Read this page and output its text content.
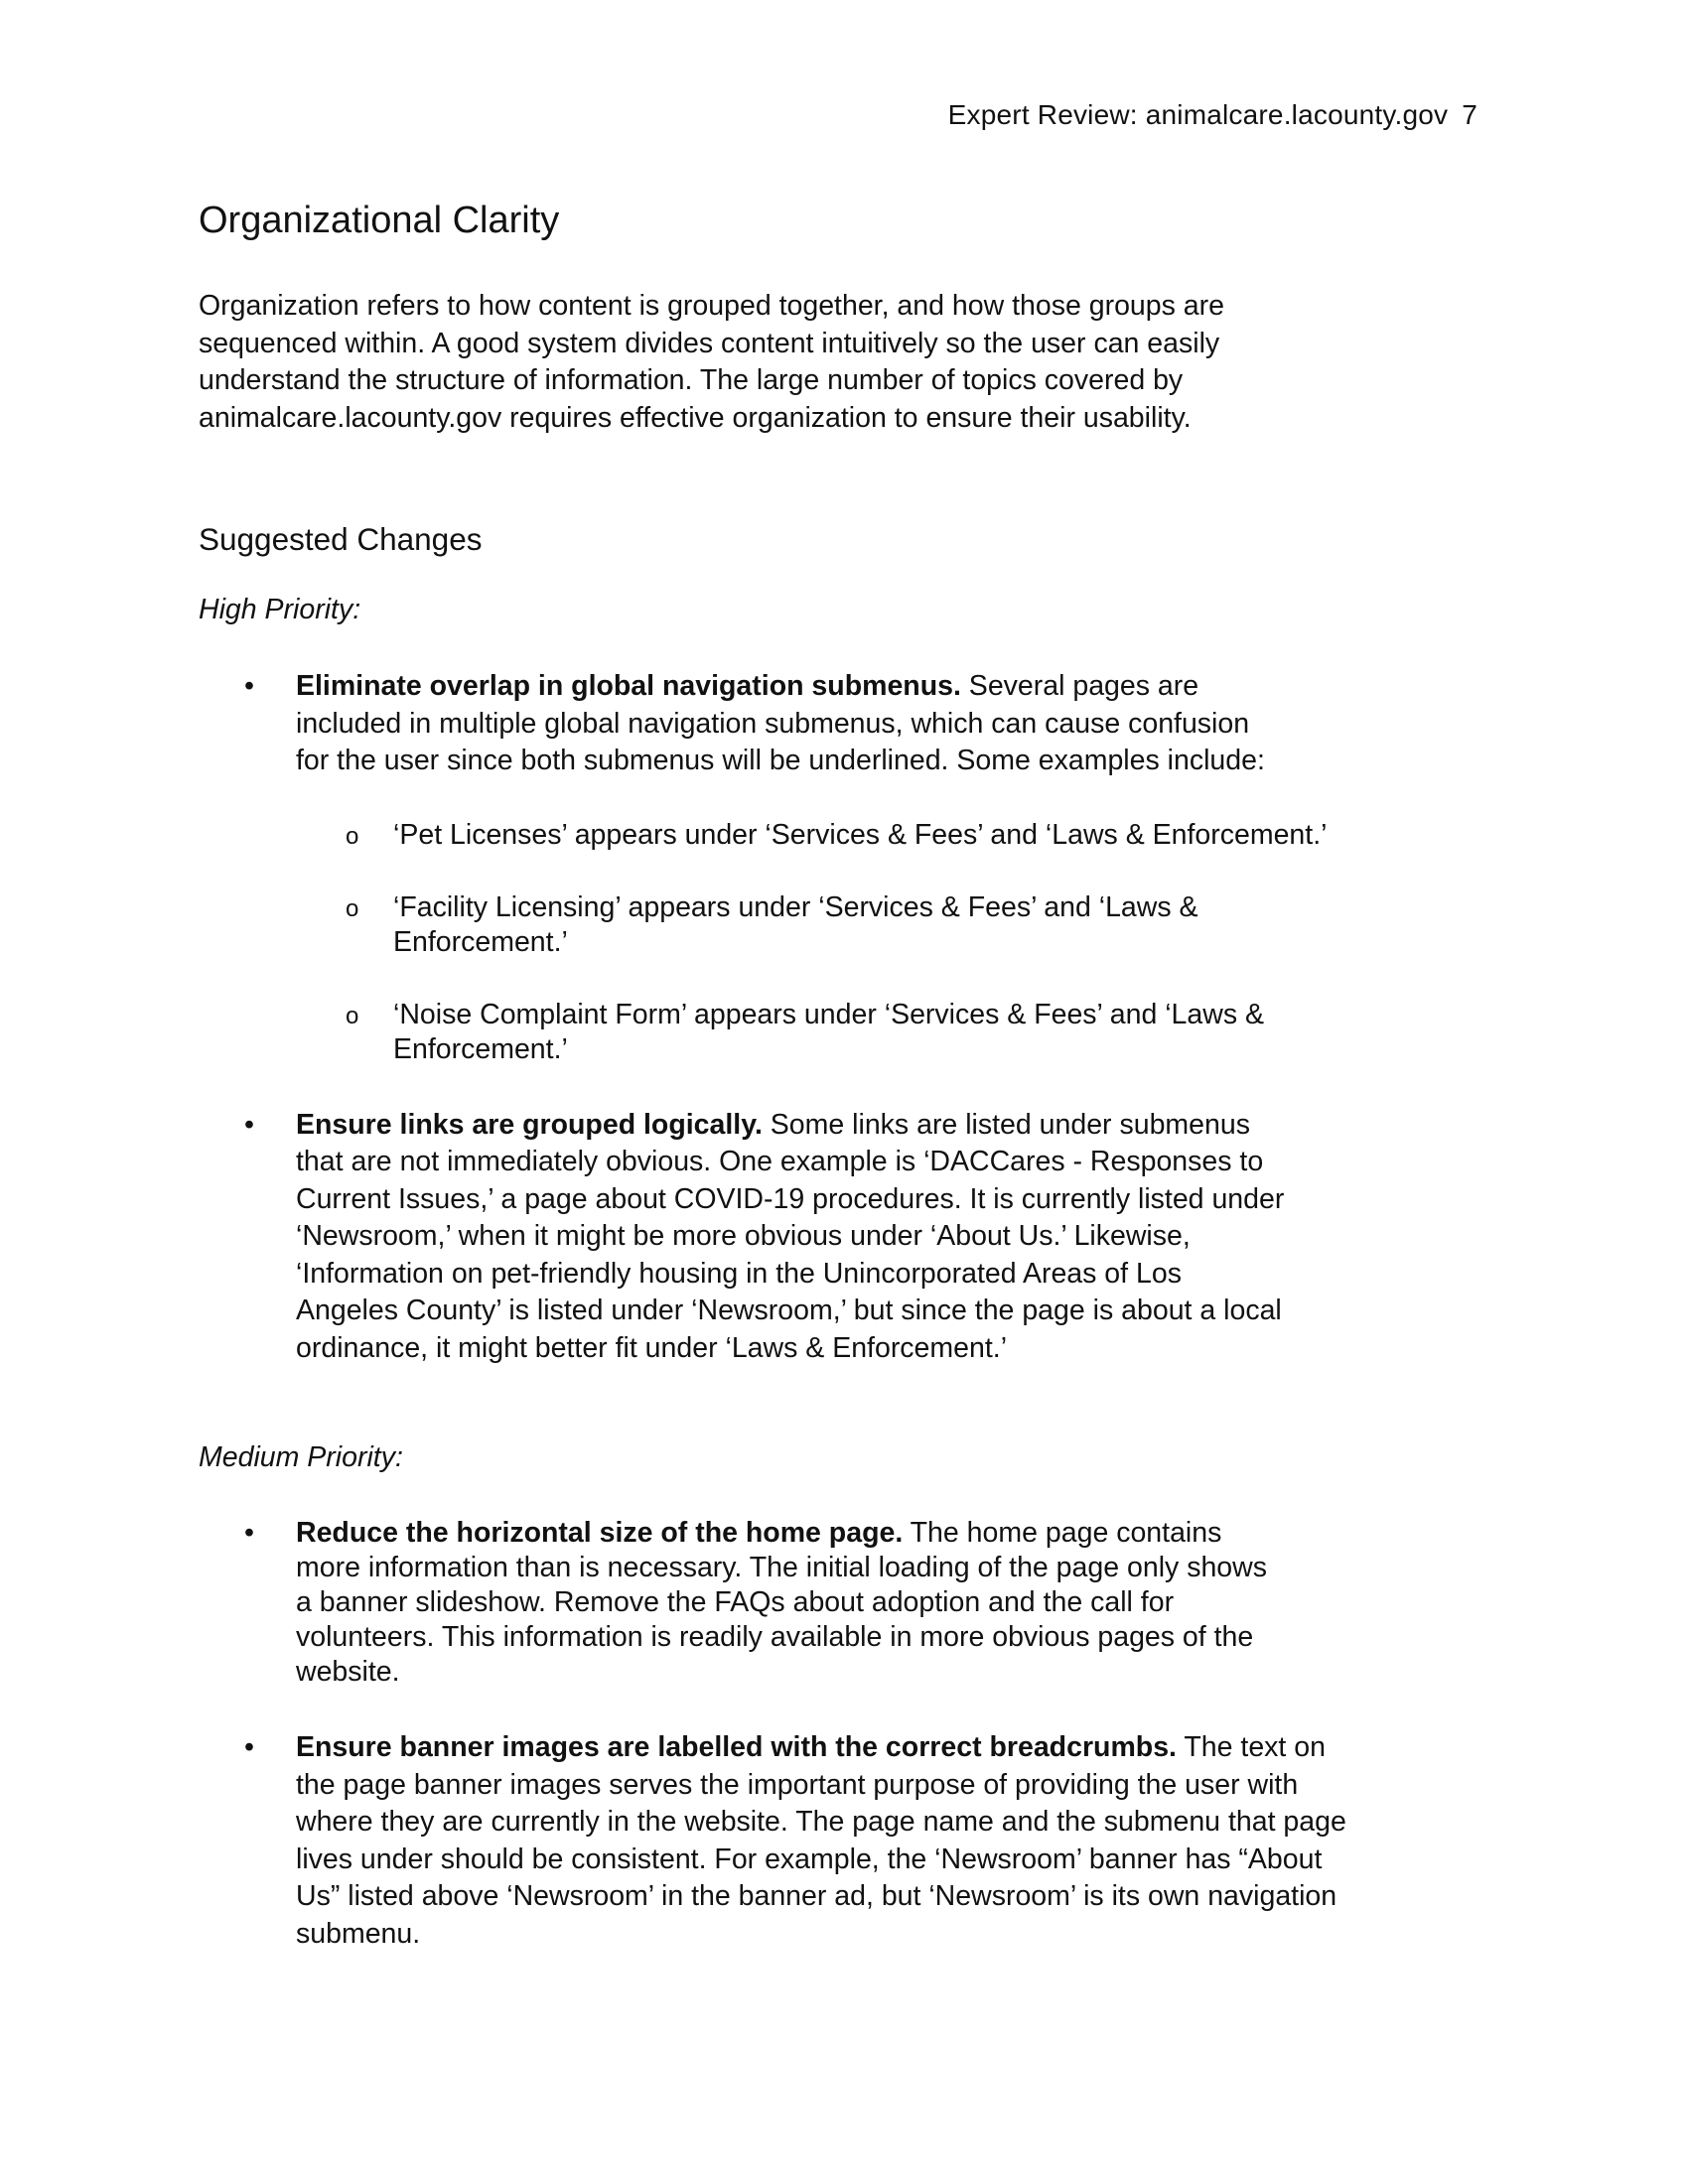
Expert Review: animalcare.lacounty.gov 7
Organizational Clarity

Organization refers to how content is grouped together, and how those groups are sequenced within. A good system divides content intuitively so the user can easily understand the structure of information. The large number of topics covered by animalcare.lacounty.gov requires effective organization to ensure their usability.

Suggested Changes

High Priority:

• Eliminate overlap in global navigation submenus. Several pages are included in multiple global navigation submenus, which can cause confusion for the user since both submenus will be underlined. Some examples include:
o ‘Pet Licenses’ appears under ‘Services & Fees’ and ‘Laws & Enforcement.’
o ‘Facility Licensing’ appears under ‘Services & Fees’ and ‘Laws & Enforcement.’
o ‘Noise Complaint Form’ appears under ‘Services & Fees’ and ‘Laws & Enforcement.’
• Ensure links are grouped logically. Some links are listed under submenus that are not immediately obvious. One example is ‘DACCares - Responses to Current Issues,’ a page about COVID-19 procedures. It is currently listed under ‘Newsroom,’ when it might be more obvious under ‘About Us.’ Likewise, ‘Information on pet-friendly housing in the Unincorporated Areas of Los Angeles County’ is listed under ‘Newsroom,’ but since the page is about a local ordinance, it might better fit under ‘Laws & Enforcement.’

Medium Priority:

• Reduce the horizontal size of the home page. The home page contains more information than is necessary. The initial loading of the page only shows a banner slideshow. Remove the FAQs about adoption and the call for volunteers. This information is readily available in more obvious pages of the website.
• Ensure banner images are labelled with the correct breadcrumbs. The text on the page banner images serves the important purpose of providing the user with where they are currently in the website. The page name and the submenu that page lives under should be consistent. For example, the ‘Newsroom’ banner has “About Us” listed above ‘Newsroom’ in the banner ad, but ‘Newsroom’ is its own navigation submenu.
